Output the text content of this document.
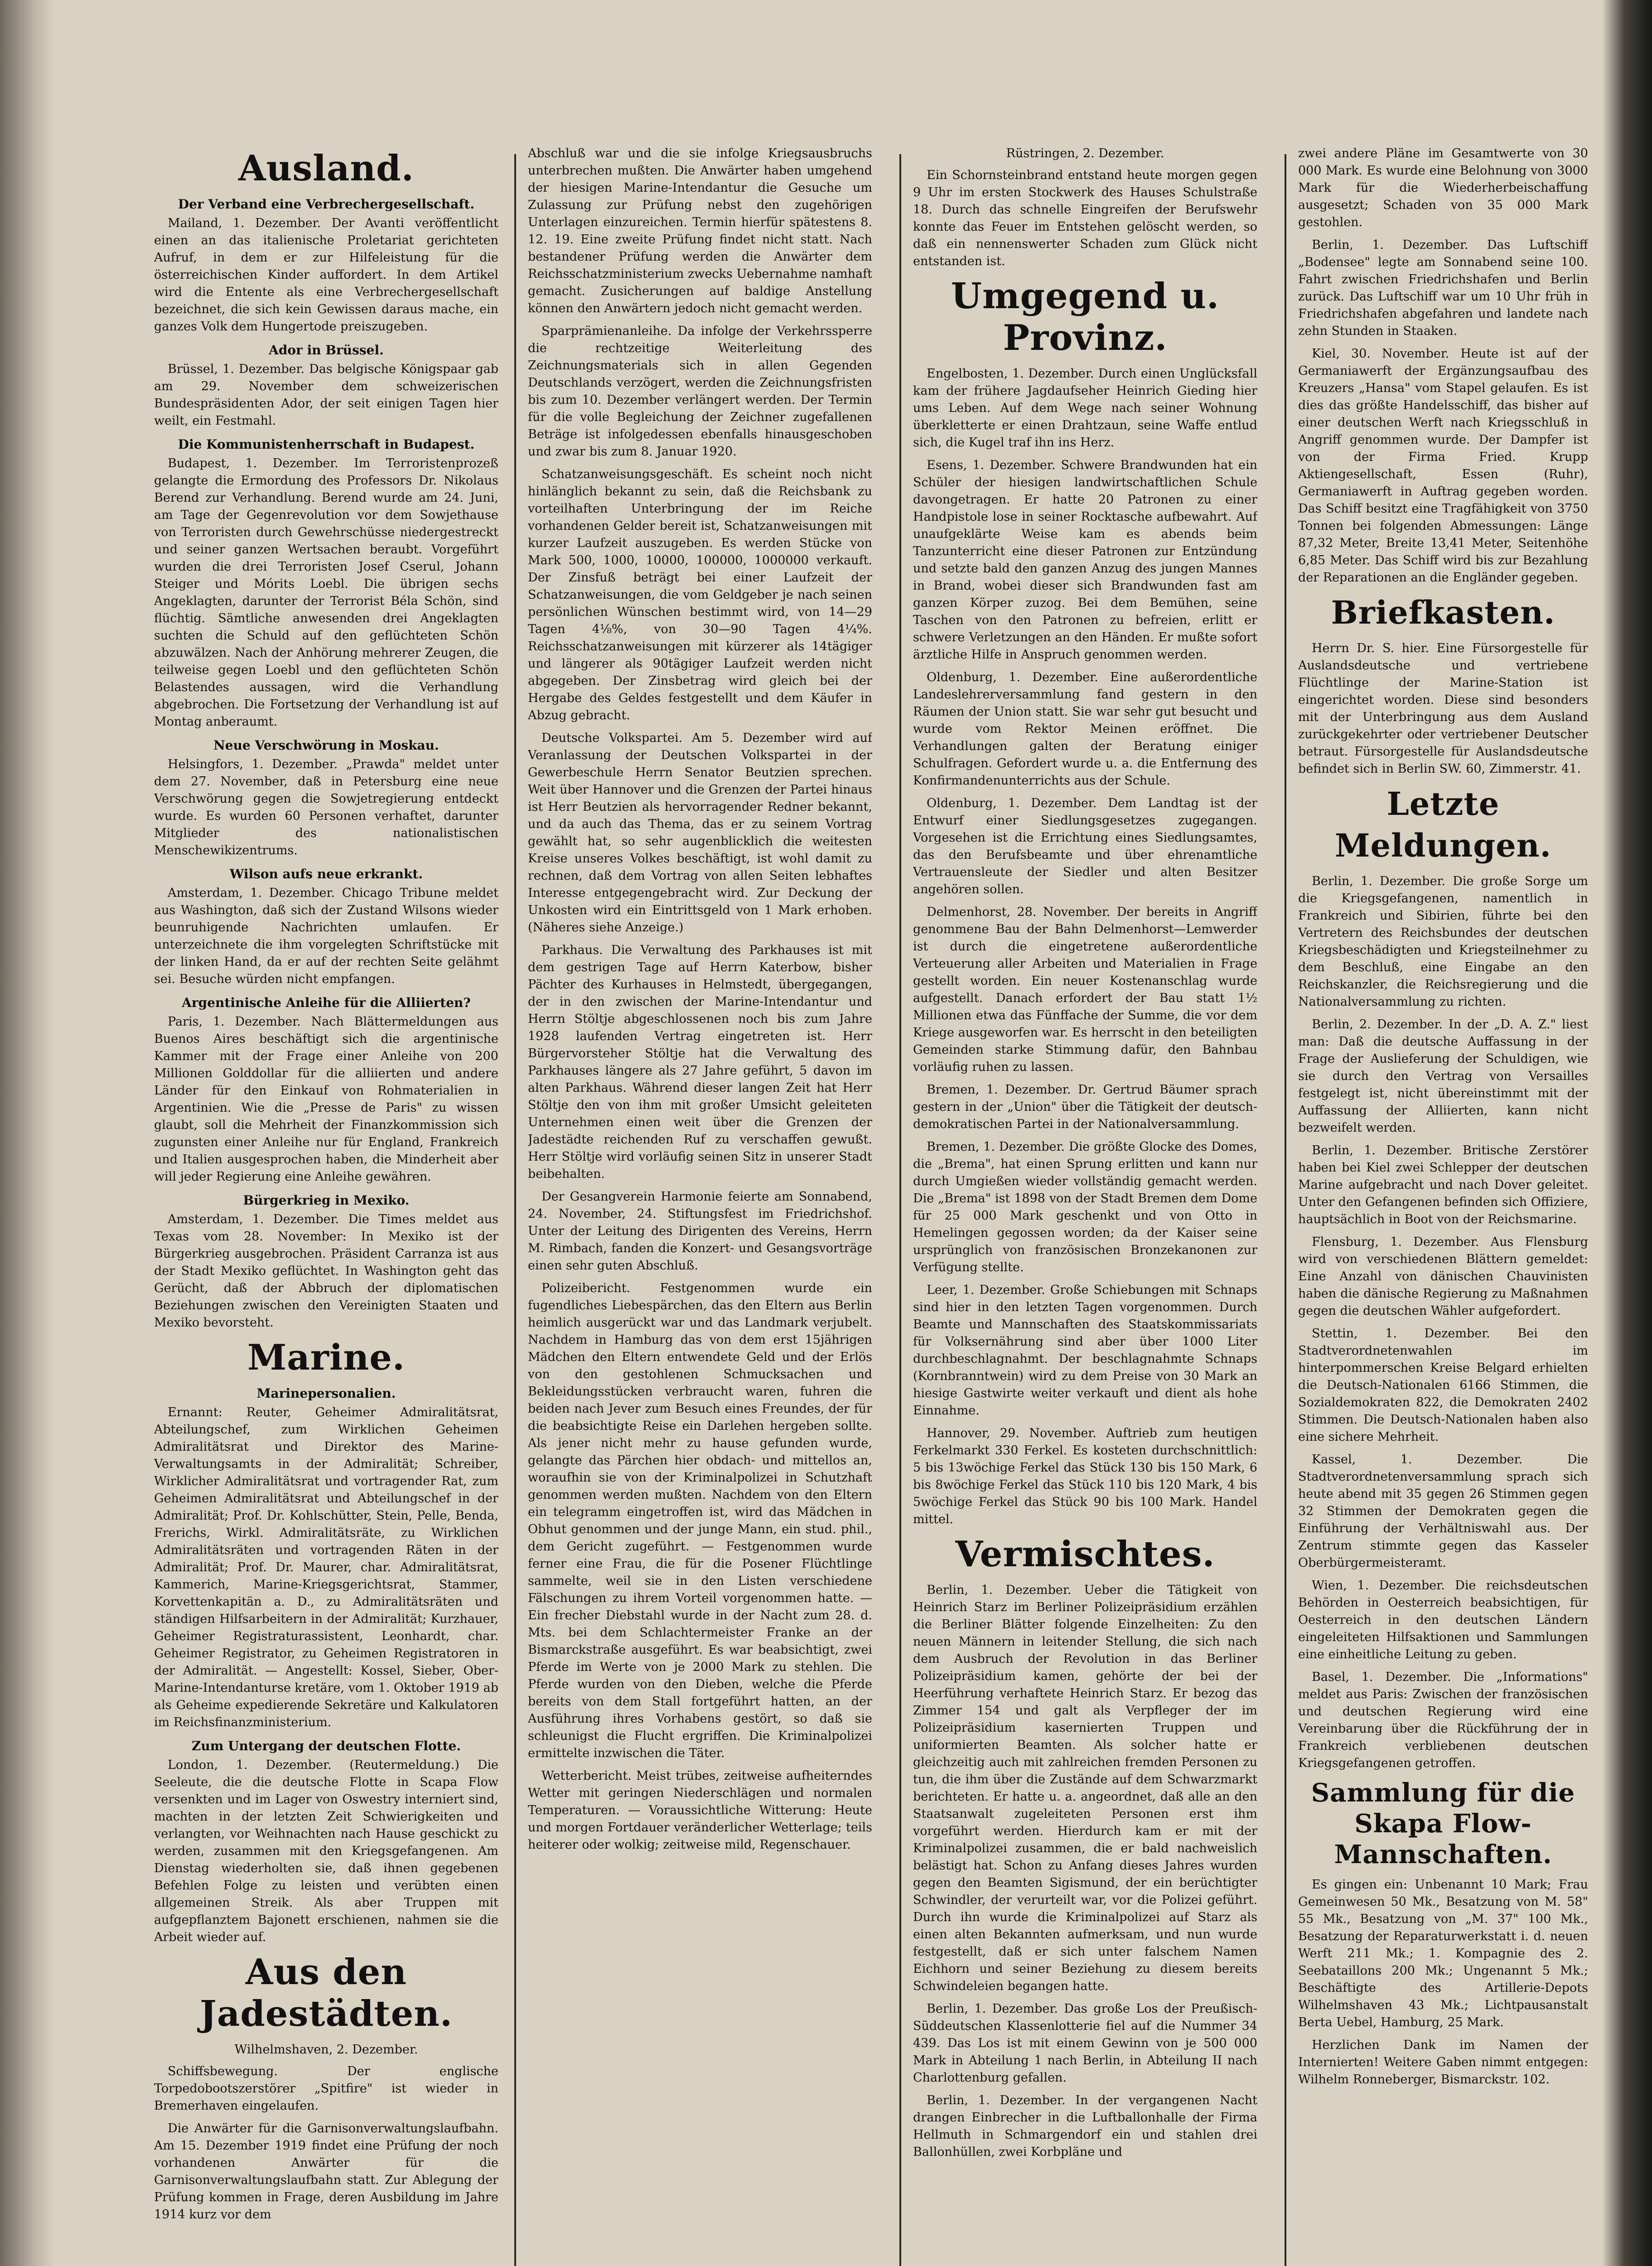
Ausland.
Der Verband eine Verbrechergesellschaft.

Mailand, 1. Dezember. Der Avanti veröffentlicht einen an das italienische Proletariat gerichteten Aufruf, in dem er zur Hilfeleistung für die österreichischen Kinder auffordert. In dem Artikel wird die Entente als eine Verbrechergesellschaft bezeichnet, die sich kein Gewissen daraus mache, ein ganzes Volk dem Hungertode preiszugeben.

Ador in Brüssel.

Brüssel, 1. Dezember. Das belgische Königspaar gab am 29. November dem schweizerischen Bundespräsidenten Ador, der seit einigen Tagen hier weilt, ein Festmahl.

Die Kommunistenherrschaft in Budapest.

Budapest, 1. Dezember. Im Terroristenprozeß gelangte die Ermordung des Professors Dr. Nikolaus Berend zur Verhandlung. Berend wurde am 24. Juni, am Tage der Gegenrevolution vor dem Sowjethause von Terroristen durch Gewehrschüsse niedergestreckt und seiner ganzen Wertsachen beraubt. Vorgeführt wurden die drei Terroristen Josef Cserul, Johann Steiger und Mórits Loebl. Die übrigen sechs Angeklagten, darunter der Terrorist Béla Schön, sind flüchtig. Sämtliche anwesenden drei Angeklagten suchten die Schuld auf den geflüchteten Schön abzuwälzen. Nach der Anhörung mehrerer Zeugen, die teilweise gegen Loebl und den geflüchteten Schön Belastendes aussagen, wird die Verhandlung abgebrochen. Die Fortsetzung der Verhandlung ist auf Montag anberaumt.

Neue Verschwörung in Moskau.

Helsingfors, 1. Dezember. „Prawda" meldet unter dem 27. November, daß in Petersburg eine neue Verschwörung gegen die Sowjetregierung entdeckt wurde. Es wurden 60 Personen verhaftet, darunter Mitglieder des nationalistischen Menschewikizentrums.

Wilson aufs neue erkrankt.

Amsterdam, 1. Dezember. Chicago Tribune meldet aus Washington, daß sich der Zustand Wilsons wieder beunruhigende Nachrichten umlaufen. Er unterzeichnete die ihm vorgelegten Schriftstücke mit der linken Hand, da er auf der rechten Seite gelähmt sei. Besuche würden nicht empfangen.

Argentinische Anleihe für die Alliierten?

Paris, 1. Dezember. Nach Blättermeldungen aus Buenos Aires beschäftigt sich die argentinische Kammer mit der Frage einer Anleihe von 200 Millionen Golddollar für die alliierten und andere Länder für den Einkauf von Rohmaterialien in Argentinien. Wie die „Presse de Paris" zu wissen glaubt, soll die Mehrheit der Finanzkommission sich zugunsten einer Anleihe nur für England, Frankreich und Italien ausgesprochen haben, die Minderheit aber will jeder Regierung eine Anleihe gewähren.

Bürgerkrieg in Mexiko.

Amsterdam, 1. Dezember. Die Times meldet aus Texas vom 28. November: In Mexiko ist der Bürgerkrieg ausgebrochen. Präsident Carranza ist aus der Stadt Mexiko geflüchtet. In Washington geht das Gerücht, daß der Abbruch der diplomatischen Beziehungen zwischen den Vereinigten Staaten und Mexiko bevorsteht.

Marine.
Marinepersonalien.

Ernannt: Reuter, Geheimer Admiralitätsrat, Abteilungschef, zum Wirklichen Geheimen Admiralitätsrat und Direktor des Marine-Verwaltungsamts in der Admiralität; Schreiber, Wirklicher Admiralitätsrat und vortragender Rat, zum Geheimen Admiralitätsrat und Abteilungschef in der Admiralität; Prof. Dr. Kohlschütter, Stein, Pelle, Benda, Frerichs, Wirkl. Admiralitätsräte, zu Wirklichen Admiralitätsräten und vortragenden Räten in der Admiralität; Prof. Dr. Maurer, char. Admiralitätsrat, Kammerich, Marine-Kriegsgerichtsrat, Stammer, Korvettenkapitän a. D., zu Admiralitätsräten und ständigen Hilfsarbeitern in der Admiralität; Kurzhauer, Geheimer Registraturassistent, Leonhardt, char. Geheimer Registrator, zu Geheimen Registratoren in der Admiralität. — Angestellt: Kossel, Sieber, Ober-Marine-Intendanturse kretäre, vom 1. Oktober 1919 ab als Geheime expedierende Sekretäre und Kalkulatoren im Reichsfinanzministerium.

Zum Untergang der deutschen Flotte.

London, 1. Dezember. (Reutermeldung.) Die Seeleute, die die deutsche Flotte in Scapa Flow versenkten und im Lager von Oswestry interniert sind, machten in der letzten Zeit Schwierigkeiten und verlangten, vor Weihnachten nach Hause geschickt zu werden, zusammen mit den Kriegsgefangenen. Am Dienstag wiederholten sie, daß ihnen gegebenen Befehlen Folge zu leisten und verübten einen allgemeinen Streik. Als aber Truppen mit aufgepflanztem Bajonett erschienen, nahmen sie die Arbeit wieder auf.

Aus den Jadestädten.
Wilhelmshaven, 2. Dezember.

Schiffsbewegung. Der englische Torpedobootszerstörer „Spitfire" ist wieder in Bremerhaven eingelaufen.

Die Anwärter für die Garnisonverwaltungslaufbahn. Am 15. Dezember 1919 findet eine Prüfung der noch vorhandenen Anwärter für die Garnisonverwaltungslaufbahn statt. Zur Ablegung der Prüfung kommen in Frage, deren Ausbildung im Jahre 1914 kurz vor dem

Abschluß war und die sie infolge Kriegsausbruchs unterbrechen mußten. Die Anwärter haben umgehend der hiesigen Marine-Intendantur die Gesuche um Zulassung zur Prüfung nebst den zugehörigen Unterlagen einzureichen. Termin hierfür spätestens 8. 12. 19. Eine zweite Prüfung findet nicht statt. Nach bestandener Prüfung werden die Anwärter dem Reichsschatzministerium zwecks Uebernahme namhaft gemacht. Zusicherungen auf baldige Anstellung können den Anwärtern jedoch nicht gemacht werden.

Sparprämienanleihe. Da infolge der Verkehrssperre die rechtzeitige Weiterleitung des Zeichnungsmaterials sich in allen Gegenden Deutschlands verzögert, werden die Zeichnungsfristen bis zum 10. Dezember verlängert werden. Der Termin für die volle Begleichung der Zeichner zugefallenen Beträge ist infolgedessen ebenfalls hinausgeschoben und zwar bis zum 8. Januar 1920.

Schatzanweisungsgeschäft. Es scheint noch nicht hinlänglich bekannt zu sein, daß die Reichsbank zu vorteilhaften Unterbringung der im Reiche vorhandenen Gelder bereit ist, Schatzanweisungen mit kurzer Laufzeit auszugeben. Es werden Stücke von Mark 500, 1000, 10000, 100000, 1000000 verkauft. Der Zinsfuß beträgt bei einer Laufzeit der Schatzanweisungen, die vom Geldgeber je nach seinen persönlichen Wünschen bestimmt wird, von 14—29 Tagen 4⅛%, von 30—90 Tagen 4¼%. Reichsschatzanweisungen mit kürzerer als 14tägiger und längerer als 90tägiger Laufzeit werden nicht abgegeben. Der Zinsbetrag wird gleich bei der Hergabe des Geldes festgestellt und dem Käufer in Abzug gebracht.

Deutsche Volkspartei. Am 5. Dezember wird auf Veranlassung der Deutschen Volkspartei in der Gewerbeschule Herrn Senator Beutzien sprechen. Weit über Hannover und die Grenzen der Partei hinaus ist Herr Beutzien als hervorragender Redner bekannt, und da auch das Thema, das er zu seinem Vortrag gewählt hat, so sehr augenblicklich die weitesten Kreise unseres Volkes beschäftigt, ist wohl damit zu rechnen, daß dem Vortrag von allen Seiten lebhaftes Interesse entgegengebracht wird. Zur Deckung der Unkosten wird ein Eintrittsgeld von 1 Mark erhoben. (Näheres siehe Anzeige.)

Parkhaus. Die Verwaltung des Parkhauses ist mit dem gestrigen Tage auf Herrn Katerbow, bisher Pächter des Kurhauses in Helmstedt, übergegangen, der in den zwischen der Marine-Intendantur und Herrn Stöltje abgeschlossenen noch bis zum Jahre 1928 laufenden Vertrag eingetreten ist. Herr Bürgervorsteher Stöltje hat die Verwaltung des Parkhauses längere als 27 Jahre geführt, 5 davon im alten Parkhaus. Während dieser langen Zeit hat Herr Stöltje den von ihm mit großer Umsicht geleiteten Unternehmen einen weit über die Grenzen der Jadestädte reichenden Ruf zu verschaffen gewußt. Herr Stöltje wird vorläufig seinen Sitz in unserer Stadt beibehalten.

Der Gesangverein Harmonie feierte am Sonnabend, 24. November, 24. Stiftungsfest im Friedrichshof. Unter der Leitung des Dirigenten des Vereins, Herrn M. Rimbach, fanden die Konzert- und Gesangsvorträge einen sehr guten Abschluß.

Polizeibericht. Festgenommen wurde ein fugendliches Liebespärchen, das den Eltern aus Berlin heimlich ausgerückt war und das Landmark verjubelt. Nachdem in Hamburg das von dem erst 15jährigen Mädchen den Eltern entwendete Geld und der Erlös von den gestohlenen Schmucksachen und Bekleidungsstücken verbraucht waren, fuhren die beiden nach Jever zum Besuch eines Freundes, der für die beabsichtigte Reise ein Darlehen hergeben sollte. Als jener nicht mehr zu hause gefunden wurde, gelangte das Pärchen hier obdach- und mittellos an, woraufhin sie von der Kriminalpolizei in Schutzhaft genommen werden mußten. Nachdem von den Eltern ein telegramm eingetroffen ist, wird das Mädchen in Obhut genommen und der junge Mann, ein stud. phil., dem Gericht zugeführt. — Festgenommen wurde ferner eine Frau, die für die Posener Flüchtlinge sammelte, weil sie in den Listen verschiedene Fälschungen zu ihrem Vorteil vorgenommen hatte. — Ein frecher Diebstahl wurde in der Nacht zum 28. d. Mts. bei dem Schlachtermeister Franke an der Bismarckstraße ausgeführt. Es war beabsichtigt, zwei Pferde im Werte von je 2000 Mark zu stehlen. Die Pferde wurden von den Dieben, welche die Pferde bereits von dem Stall fortgeführt hatten, an der Ausführung ihres Vorhabens gestört, so daß sie schleunigst die Flucht ergriffen. Die Kriminalpolizei ermittelte inzwischen die Täter.

Wetterbericht. Meist trübes, zeitweise aufheiterndes Wetter mit geringen Niederschlägen und normalen Temperaturen. — Voraussichtliche Witterung: Heute und morgen Fortdauer veränderlicher Wetterlage; teils heiterer oder wolkig; zeitweise mild, Regenschauer.

Rüstringen, 2. Dezember.

Ein Schornsteinbrand entstand heute morgen gegen 9 Uhr im ersten Stockwerk des Hauses Schulstraße 18. Durch das schnelle Eingreifen der Berufswehr konnte das Feuer im Entstehen gelöscht werden, so daß ein nennenswerter Schaden zum Glück nicht entstanden ist.

Umgegend u. Provinz.

Engelbosten, 1. Dezember. Durch einen Unglücksfall kam der frühere Jagdaufseher Heinrich Gieding hier ums Leben. Auf dem Wege nach seiner Wohnung überkletterte er einen Drahtzaun, seine Waffe entlud sich, die Kugel traf ihn ins Herz.

Esens, 1. Dezember. Schwere Brandwunden hat ein Schüler der hiesigen landwirtschaftlichen Schule davongetragen. Er hatte 20 Patronen zu einer Handpistole lose in seiner Rocktasche aufbewahrt. Auf unaufgeklärte Weise kam es abends beim Tanzunterricht eine dieser Patronen zur Entzündung und setzte bald den ganzen Anzug des jungen Mannes in Brand, wobei dieser sich Brandwunden fast am ganzen Körper zuzog. Bei dem Bemühen, seine Taschen von den Patronen zu befreien, erlitt er schwere Verletzungen an den Händen. Er mußte sofort ärztliche Hilfe in Anspruch genommen werden.

Oldenburg, 1. Dezember. Eine außerordentliche Landeslehrerversammlung fand gestern in den Räumen der Union statt. Sie war sehr gut besucht und wurde vom Rektor Meinen eröffnet. Die Verhandlungen galten der Beratung einiger Schulfragen. Gefordert wurde u. a. die Entfernung des Konfirmandenunterrichts aus der Schule.

Oldenburg, 1. Dezember. Dem Landtag ist der Entwurf einer Siedlungsgesetzes zugegangen. Vorgesehen ist die Errichtung eines Siedlungsamtes, das den Berufsbeamte und über ehrenamtliche Vertrauensleute der Siedler und alten Besitzer angehören sollen.

Delmenhorst, 28. November. Der bereits in Angriff genommene Bau der Bahn Delmenhorst—Lemwerder ist durch die eingetretene außerordentliche Verteuerung aller Arbeiten und Materialien in Frage gestellt worden. Ein neuer Kostenanschlag wurde aufgestellt. Danach erfordert der Bau statt 1½ Millionen etwa das Fünffache der Summe, die vor dem Kriege ausgeworfen war. Es herrscht in den beteiligten Gemeinden starke Stimmung dafür, den Bahnbau vorläufig ruhen zu lassen.

Bremen, 1. Dezember. Dr. Gertrud Bäumer sprach gestern in der „Union" über die Tätigkeit der deutsch-demokratischen Partei in der Nationalversammlung.

Bremen, 1. Dezember. Die größte Glocke des Domes, die „Brema", hat einen Sprung erlitten und kann nur durch Umgießen wieder vollständig gemacht werden. Die „Brema" ist 1898 von der Stadt Bremen dem Dome für 25 000 Mark geschenkt und von Otto in Hemelingen gegossen worden; da der Kaiser seine ursprünglich von französischen Bronzekanonen zur Verfügung stellte.

Leer, 1. Dezember. Große Schiebungen mit Schnaps sind hier in den letzten Tagen vorgenommen. Durch Beamte und Mannschaften des Staatskommissariats für Volksernährung sind aber über 1000 Liter durchbeschlagnahmt. Der beschlagnahmte Schnaps (Kornbranntwein) wird zu dem Preise von 30 Mark an hiesige Gastwirte weiter verkauft und dient als hohe Einnahme.

Hannover, 29. November. Auftrieb zum heutigen Ferkelmarkt 330 Ferkel. Es kosteten durchschnittlich: 5 bis 13wöchige Ferkel das Stück 130 bis 150 Mark, 6 bis 8wöchige Ferkel das Stück 110 bis 120 Mark, 4 bis 5wöchige Ferkel das Stück 90 bis 100 Mark. Handel mittel.

Vermischtes.

Berlin, 1. Dezember. Ueber die Tätigkeit von Heinrich Starz im Berliner Polizeipräsidium erzählen die Berliner Blätter folgende Einzelheiten: Zu den neuen Männern in leitender Stellung, die sich nach dem Ausbruch der Revolution in das Berliner Polizeipräsidium kamen, gehörte der bei der Heerführung verhaftete Heinrich Starz. Er bezog das Zimmer 154 und galt als Verpfleger der im Polizeipräsidium kasernierten Truppen und uniformierten Beamten. Als solcher hatte er gleichzeitig auch mit zahlreichen fremden Personen zu tun, die ihm über die Zustände auf dem Schwarzmarkt berichteten. Er hatte u. a. angeordnet, daß alle an den Staatsanwalt zugeleiteten Personen erst ihm vorgeführt werden. Hierdurch kam er mit der Kriminalpolizei zusammen, die er bald nachweislich belästigt hat. Schon zu Anfang dieses Jahres wurden gegen den Beamten Sigismund, der ein berüchtigter Schwindler, der verurteilt war, vor die Polizei geführt. Durch ihn wurde die Kriminalpolizei auf Starz als einen alten Bekannten aufmerksam, und nun wurde festgestellt, daß er sich unter falschem Namen Eichhorn und seiner Beziehung zu diesem bereits Schwindeleien begangen hatte.

Berlin, 1. Dezember. Das große Los der Preußisch-Süddeutschen Klassenlotterie fiel auf die Nummer 34 439. Das Los ist mit einem Gewinn von je 500 000 Mark in Abteilung 1 nach Berlin, in Abteilung II nach Charlottenburg gefallen.

Berlin, 1. Dezember. In der vergangenen Nacht drangen Einbrecher in die Luftballonhalle der Firma Hellmuth in Schmargendorf ein und stahlen drei Ballonhüllen, zwei Korbpläne und

zwei andere Pläne im Gesamtwerte von 30 000 Mark. Es wurde eine Belohnung von 3000 Mark für die Wiederherbeischaffung ausgesetzt; Schaden von 35 000 Mark gestohlen.

Berlin, 1. Dezember. Das Luftschiff „Bodensee" legte am Sonnabend seine 100. Fahrt zwischen Friedrichshafen und Berlin zurück. Das Luftschiff war um 10 Uhr früh in Friedrichshafen abgefahren und landete nach zehn Stunden in Staaken.

Kiel, 30. November. Heute ist auf der Germaniawerft der Ergänzungsaufbau des Kreuzers „Hansa" vom Stapel gelaufen. Es ist dies das größte Handelsschiff, das bisher auf einer deutschen Werft nach Kriegsschluß in Angriff genommen wurde. Der Dampfer ist von der Firma Fried. Krupp Aktiengesellschaft, Essen (Ruhr), Germaniawerft in Auftrag gegeben worden. Das Schiff besitzt eine Tragfähigkeit von 3750 Tonnen bei folgenden Abmessungen: Länge 87,32 Meter, Breite 13,41 Meter, Seitenhöhe 6,85 Meter. Das Schiff wird bis zur Bezahlung der Reparationen an die Engländer gegeben.

Briefkasten.

Herrn Dr. S. hier. Eine Fürsorgestelle für Auslandsdeutsche und vertriebene Flüchtlinge der Marine-Station ist eingerichtet worden. Diese sind besonders mit der Unterbringung aus dem Ausland zurückgekehrter oder vertriebener Deutscher betraut. Fürsorgestelle für Auslandsdeutsche befindet sich in Berlin SW. 60, Zimmerstr. 41.

Letzte Meldungen.

Berlin, 1. Dezember. Die große Sorge um die Kriegsgefangenen, namentlich in Frankreich und Sibirien, führte bei den Vertretern des Reichsbundes der deutschen Kriegsbeschädigten und Kriegsteilnehmer zu dem Beschluß, eine Eingabe an den Reichskanzler, die Reichsregierung und die Nationalversammlung zu richten.

Berlin, 2. Dezember. In der „D. A. Z." liest man: Daß die deutsche Auffassung in der Frage der Auslieferung der Schuldigen, wie sie durch den Vertrag von Versailles festgelegt ist, nicht übereinstimmt mit der Auffassung der Alliierten, kann nicht bezweifelt werden.

Berlin, 1. Dezember. Britische Zerstörer haben bei Kiel zwei Schlepper der deutschen Marine aufgebracht und nach Dover geleitet. Unter den Gefangenen befinden sich Offiziere, hauptsächlich in Boot von der Reichsmarine.

Flensburg, 1. Dezember. Aus Flensburg wird von verschiedenen Blättern gemeldet: Eine Anzahl von dänischen Chauvinisten haben die dänische Regierung zu Maßnahmen gegen die deutschen Wähler aufgefordert.

Stettin, 1. Dezember. Bei den Stadtverordnetenwahlen im hinterpommerschen Kreise Belgard erhielten die Deutsch-Nationalen 6166 Stimmen, die Sozialdemokraten 822, die Demokraten 2402 Stimmen. Die Deutsch-Nationalen haben also eine sichere Mehrheit.

Kassel, 1. Dezember. Die Stadtverordnetenversammlung sprach sich heute abend mit 35 gegen 26 Stimmen gegen 32 Stimmen der Demokraten gegen die Einführung der Verhältniswahl aus. Der Zentrum stimmte gegen das Kasseler Oberbürgermeisteramt.

Wien, 1. Dezember. Die reichsdeutschen Behörden in Oesterreich beabsichtigen, für Oesterreich in den deutschen Ländern eingeleiteten Hilfsaktionen und Sammlungen eine einheitliche Leitung zu geben.

Basel, 1. Dezember. Die „Informations" meldet aus Paris: Zwischen der französischen und deutschen Regierung wird eine Vereinbarung über die Rückführung der in Frankreich verbliebenen deutschen Kriegsgefangenen getroffen.

Sammlung für die Skapa Flow-Mannschaften.

Es gingen ein: Unbenannt 10 Mark; Frau Gemeinwesen 50 Mk., Besatzung von M. 58" 55 Mk., Besatzung von „M. 37" 100 Mk., Besatzung der Reparaturwerkstatt i. d. neuen Werft 211 Mk.; 1. Kompagnie des 2. Seebataillons 200 Mk.; Ungenannt 5 Mk.; Beschäftigte des Artillerie-Depots Wilhelmshaven 43 Mk.; Lichtpausanstalt Berta Uebel, Hamburg, 25 Mark.

Herzlichen Dank im Namen der Internierten! Weitere Gaben nimmt entgegen: Wilhelm Ronneberger, Bismarckstr. 102.
